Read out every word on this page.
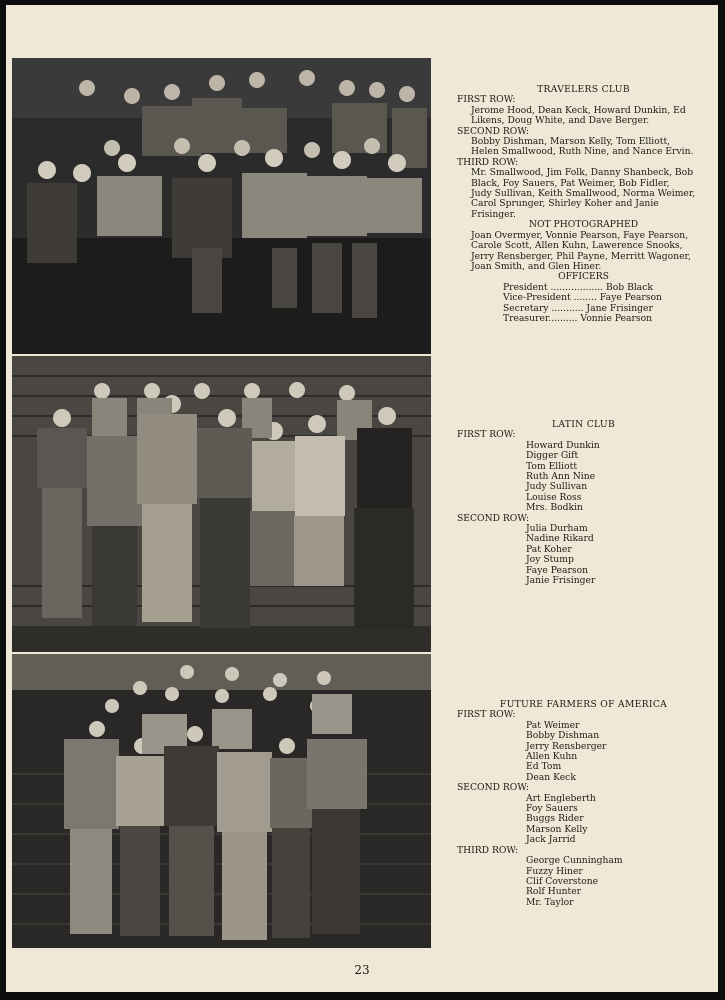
TRAVELERS CLUB
FIRST ROW:
Jerome Hood, Dean Keck, Howard Dunkin, Ed
Likens, Doug White, and Dave Berger.
SECOND ROW:
Bobby Dishman, Marson Kelly, Tom Elliott,
Helen Smallwood, Ruth Nine, and Nance Ervin.
THIRD ROW:
Mr. Smallwood, Jim Folk, Danny Shanbeck, Bob
Black, Foy Sauers, Pat Weimer, Bob Fidler,
Judy Sullivan, Keith Smallwood, Norma Weimer,
Carol Sprunger, Shirley Koher and Janie
Frisinger.
NOT PHOTOGRAPHED
Joan Overmyer, Vonnie Pearson, Faye Pearson,
Carole Scott, Allen Kuhn, Lawerence Snooks,
Jerry Rensberger, Phil Payne, Merritt Wagoner,
Joan Smith, and Glen Hiner.
OFFICERS
President .................. Bob Black
Vice-President ........ Faye Pearson
Secretary ........... Jane Frisinger
Treasurer.......... Vonnie Pearson
LATIN CLUB
FIRST ROW:
Howard Dunkin
Digger Gift
Tom Elliott
Ruth Ann Nine
Judy Sullivan
Louise Ross
Mrs. Bodkin
SECOND ROW:
Julia Durham
Nadine Rikard
Pat Koher
Joy Stump
Faye Pearson
Janie Frisinger
FUTURE FARMERS OF AMERICA
FIRST ROW:
Pat Weimer
Bobby Dishman
Jerry Rensberger
Allen Kuhn
Ed Tom
Dean Keck
SECOND ROW:
Art Engleberth
Foy Sauers
Buggs Rider
Marson Kelly
Jack Jarrid
THIRD ROW:
George Cunningham
Fuzzy Hiner
Clif Coverstone
Rolf Hunter
Mr. Taylor
23
